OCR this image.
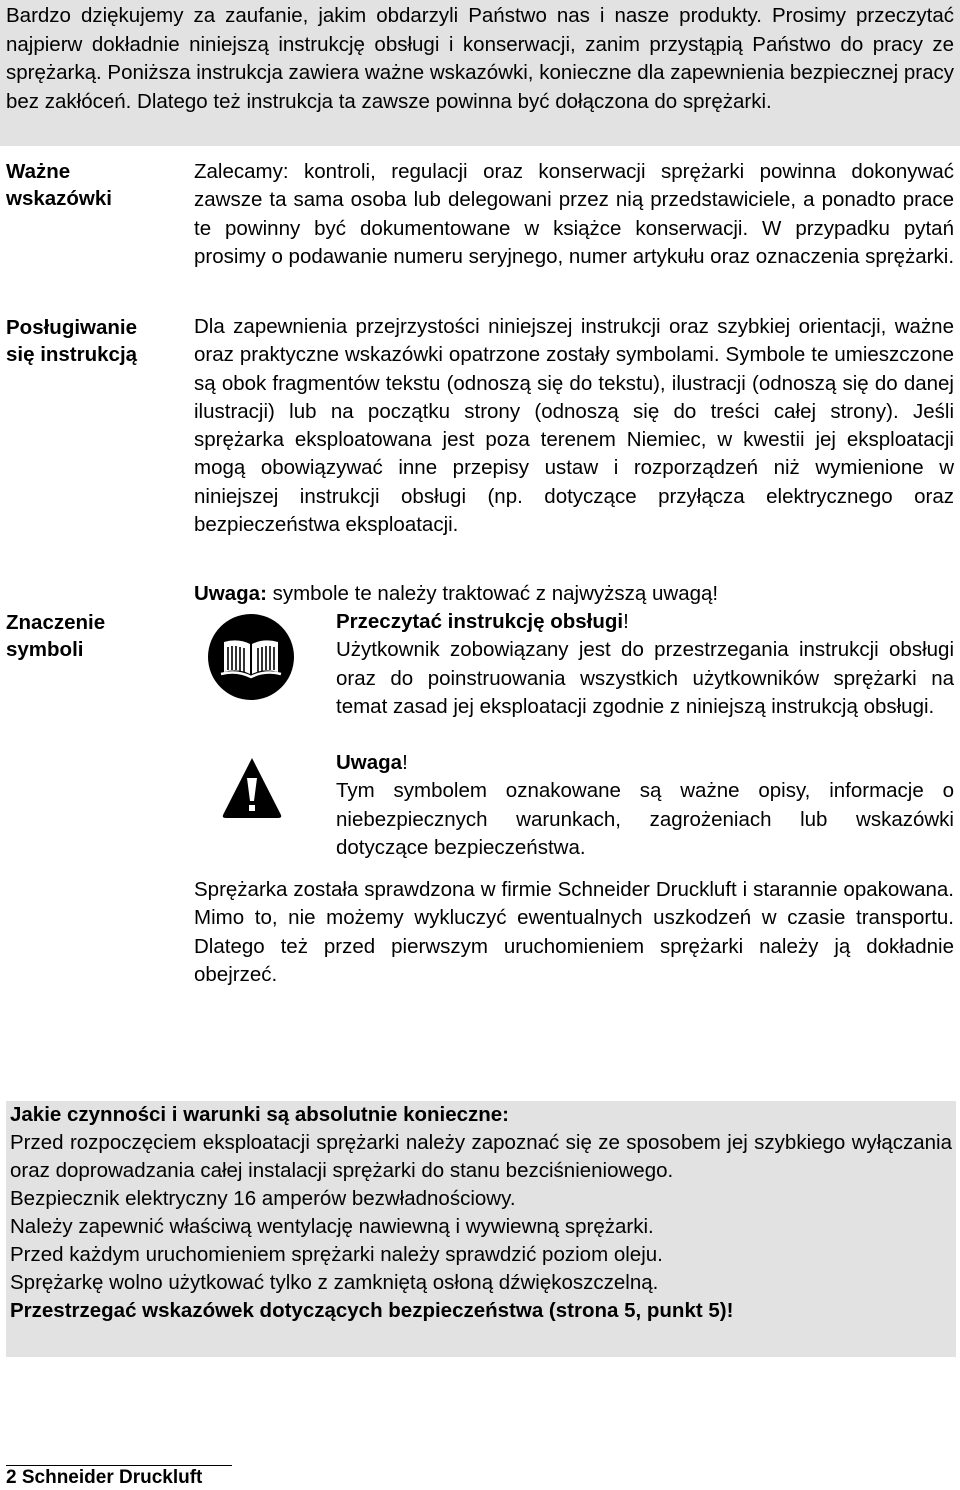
Bardzo dziękujemy za zaufanie, jakim obdarzyli Państwo nas i nasze produkty. Prosimy przeczytać najpierw dokładnie niniejszą instrukcję obsługi i konserwacji, zanim przystąpią Państwo do pracy ze sprężarką. Poniższa instrukcja zawiera ważne wskazówki, konieczne dla zapewnienia bezpiecznej pracy bez zakłóceń. Dlatego też instrukcja ta zawsze powinna być dołączona do sprężarki.
Ważne
wskazówki
Zalecamy: kontroli, regulacji oraz konserwacji sprężarki powinna dokonywać zawsze ta sama osoba lub delegowani przez nią przedstawiciele, a ponadto prace te powinny być dokumentowane w książce konserwacji. W przypadku pytań prosimy o podawanie numeru seryjnego, numer artykułu oraz oznaczenia sprężarki.
Posługiwanie
się instrukcją
Dla zapewnienia przejrzystości niniejszej instrukcji oraz szybkiej orientacji, ważne oraz praktyczne wskazówki opatrzone zostały symbolami. Symbole te umieszczone są obok fragmentów tekstu (odnoszą się do tekstu), ilustracji (odnoszą się do danej ilustracji) lub na początku strony (odnoszą się do treści całej strony). Jeśli sprężarka eksploatowana jest poza terenem Niemiec, w kwestii jej eksploatacji mogą obowiązywać inne przepisy ustaw i rozporządzeń niż wymienione w niniejszej instrukcji obsługi (np. dotyczące przyłącza elektrycznego oraz bezpieczeństwa eksploatacji.
Znaczenie
symboli
Uwaga: symbole te należy traktować z najwyższą uwagą!
Przeczytać instrukcję obsługi!
Użytkownik zobowiązany jest do przestrzegania instrukcji obsługi oraz do poinstruowania wszystkich użytkowników sprężarki na temat zasad jej eksploatacji zgodnie z niniejszą instrukcją obsługi.
Uwaga!
Tym symbolem oznakowane są ważne opisy, informacje o niebezpiecznych warunkach, zagrożeniach lub wskazówki dotyczące bezpieczeństwa.
Sprężarka została sprawdzona w firmie Schneider Druckluft i starannie opakowana. Mimo to, nie możemy wykluczyć ewentualnych uszkodzeń w czasie transportu. Dlatego też przed pierwszym uruchomieniem sprężarki należy ją dokładnie obejrzeć.

Jakie czynności i warunki są absolutnie konieczne:

Przed rozpoczęciem eksploatacji sprężarki należy zapoznać się ze sposobem jej szybkiego wyłączania oraz doprowadzania całej instalacji sprężarki do stanu bezciśnieniowego.

Bezpiecznik elektryczny 16 amperów bezwładnościowy.

Należy zapewnić właściwą wentylację nawiewną i wywiewną sprężarki.

Przed każdym uruchomieniem sprężarki należy sprawdzić poziom oleju.

Sprężarkę wolno użytkować tylko z zamkniętą osłoną dźwiękoszczelną.

Przestrzegać wskazówek dotyczących bezpieczeństwa (strona 5, punkt 5)!

2 Schneider Druckluft
